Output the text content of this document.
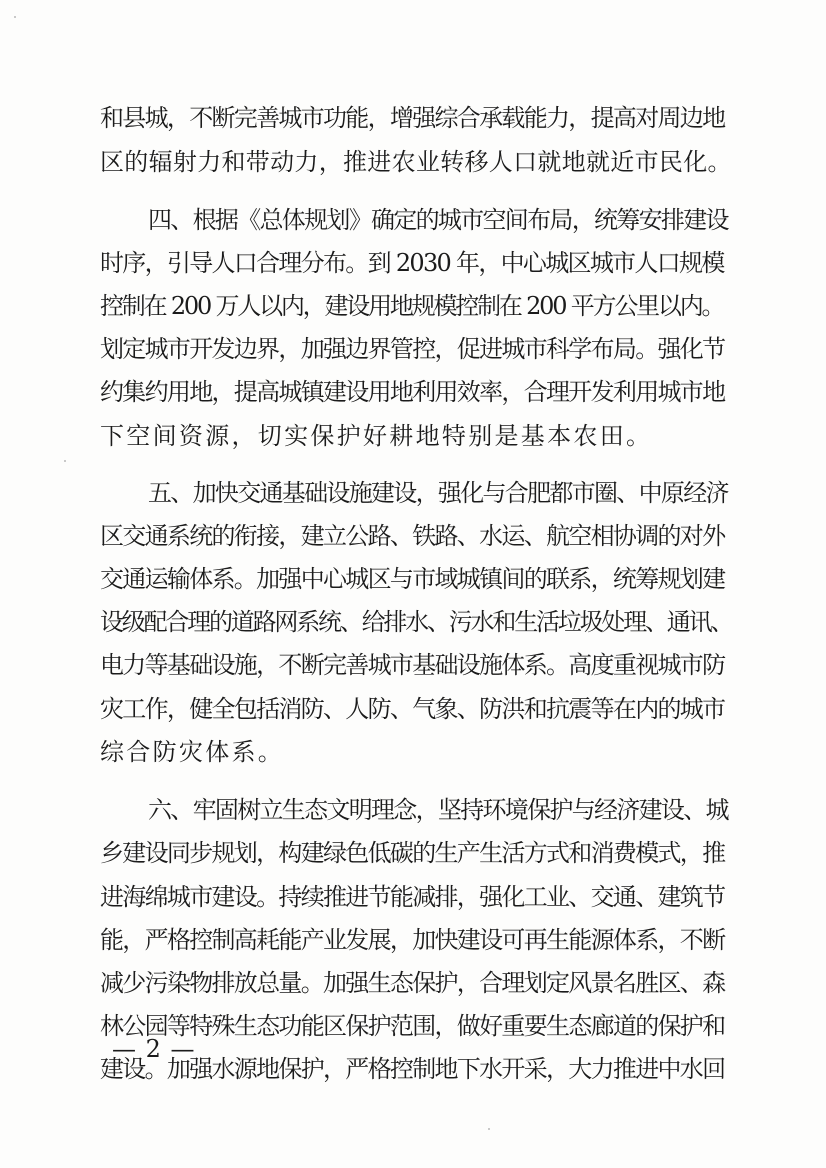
和县城，不断完善城市功能，增强综合承载能力，提高对周边地

区的辐射力和带动力，推进农业转移人口就地就近市民化。

四、根据《总体规划》确定的城市空间布局，统筹安排建设

时序，引导人口合理分布。到 2030 年，中心城区城市人口规模

控制在 200 万人以内，建设用地规模控制在 200 平方公里以内。

划定城市开发边界，加强边界管控，促进城市科学布局。强化节

约集约用地，提高城镇建设用地利用效率，合理开发利用城市地

下空间资源，切实保护好耕地特别是基本农田。

五、加快交通基础设施建设，强化与合肥都市圈、中原经济

区交通系统的衔接，建立公路、铁路、水运、航空相协调的对外

交通运输体系。加强中心城区与市域城镇间的联系，统筹规划建

设级配合理的道路网系统、给排水、污水和生活垃圾处理、通讯、

电力等基础设施，不断完善城市基础设施体系。高度重视城市防

灾工作，健全包括消防、人防、气象、防洪和抗震等在内的城市

综合防灾体系。

六、牢固树立生态文明理念，坚持环境保护与经济建设、城

乡建设同步规划，构建绿色低碳的生产生活方式和消费模式，推

进海绵城市建设。持续推进节能减排，强化工业、交通、建筑节

能，严格控制高耗能产业发展，加快建设可再生能源体系，不断

减少污染物排放总量。加强生态保护，合理划定风景名胜区、森

林公园等特殊生态功能区保护范围，做好重要生态廊道的保护和

建设。加强水源地保护，严格控制地下水开采，大力推进中水回

— 2 —
